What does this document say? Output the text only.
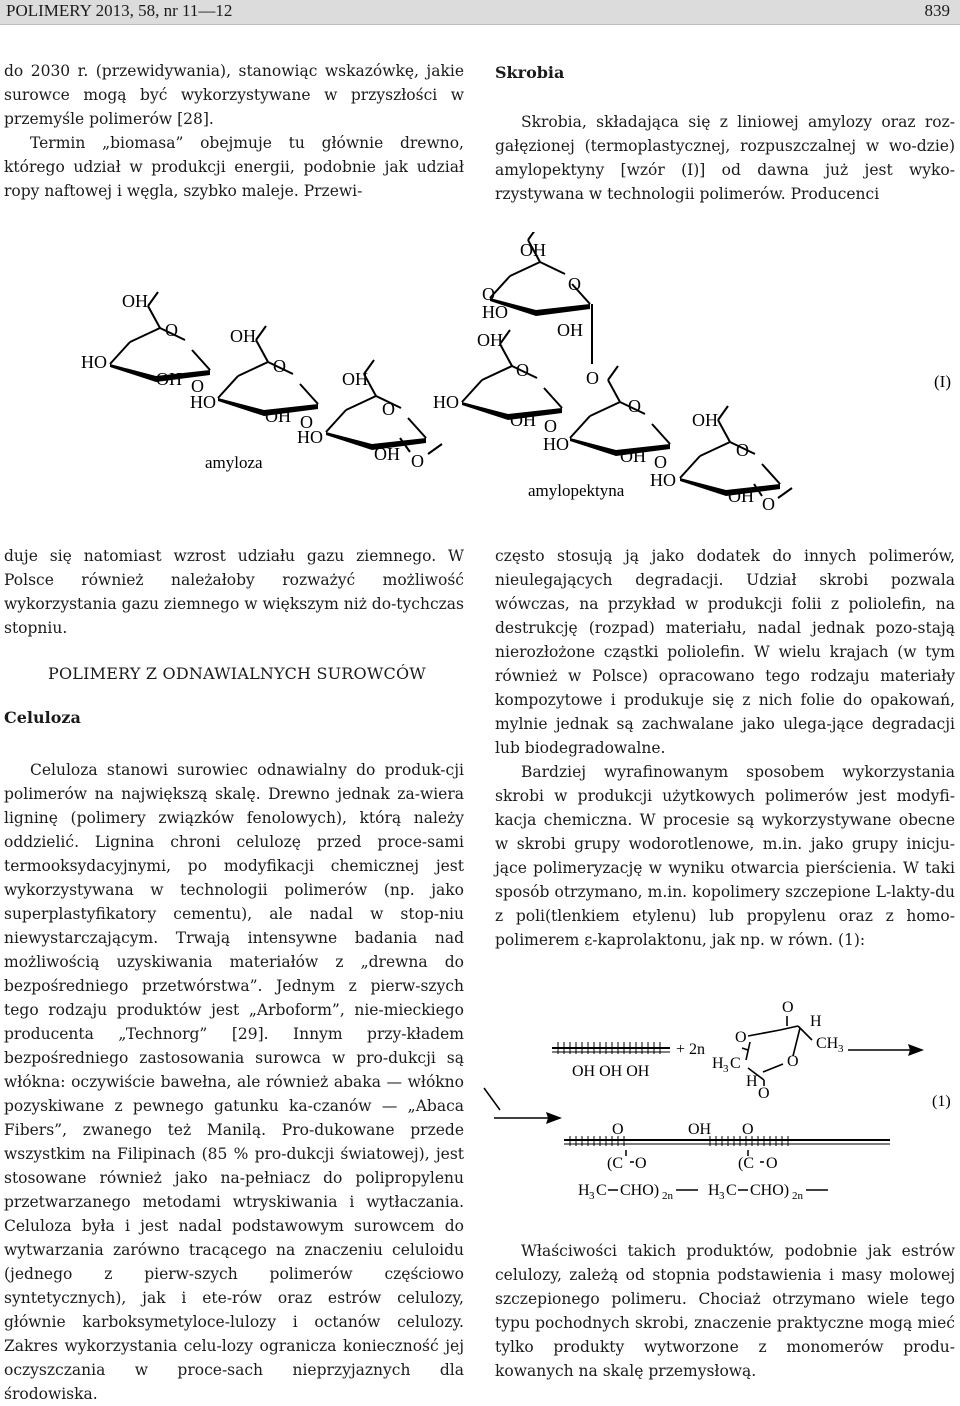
POLIMERY 2013, 58, nr 11—12	839

do 2030 r. (przewidywania), stanowiąc wskazówkę, jakie surowce mogą być wykorzystywane w przyszłości w przemyśle polimerów [28].

Termin „biomasa” obejmuje tu głównie drewno, którego udział w produkcji energii, podobnie jak udział ropy naftowej i węgla, szybko maleje. Przewi-

Skrobia

Skrobia, składająca się z liniowej amylozy oraz roz-gałęzionej (termoplastycznej, rozpuszczalnej w wo-dzie) amylopektyny [wzór (I)] od dawna już jest wyko-rzystywana w technologii polimerów. Producenci

HO
OH
O
OH O
HO
OH
O
OH O
amyloza
HO
OH
O
OH O
OH
O
HO
O
OH
O
OH
HO
O
OH O
HO
O
OH O
amylopektyna
HO
OH
O
OH O
(I)

duje się natomiast wzrost udziału gazu ziemnego. W Polsce również należałoby rozważyć możliwość wykorzystania gazu ziemnego w większym niż do-tychczas stopniu.

POLIMERY Z ODNAWIALNYCH SUROWCÓW

Celuloza

Celuloza stanowi surowiec odnawialny do produk-cji polimerów na największą skalę. Drewno jednak za-wiera ligninę (polimery związków fenolowych), którą należy oddzielić. Lignina chroni celulozę przed proce-sami termooksydacyjnymi, po modyfikacji chemicznej jest wykorzystywana w technologii polimerów (np. jako superplastyfikatory cementu), ale nadal w stop-niu niewystarczającym. Trwają intensywne badania nad możliwością uzyskiwania materiałów z „drewna do bezpośredniego przetwórstwa”. Jednym z pierw-szych tego rodzaju produktów jest „Arboform”, nie-mieckiego producenta „Technorg” [29]. Innym przy-kładem bezpośredniego zastosowania surowca w pro-dukcji są włókna: oczywiście bawełna, ale również abaka — włókno pozyskiwane z pewnego gatunku ka-czanów — „Abaca Fibers”, zwanego też Manilą. Pro-dukowane przede wszystkim na Filipinach (85 % pro-dukcji światowej), jest stosowane również jako na-pełniacz do polipropylenu przetwarzanego metodami wtryskiwania i wytłaczania. Celuloza była i jest nadal podstawowym surowcem do wytwarzania zarówno tracącego na znaczeniu celuloidu (jednego z pierw-szych polimerów częściowo syntetycznych), jak i ete-rów oraz estrów celulozy, głównie karboksymetyloce-lulozy i octanów celulozy. Zakres wykorzystania celu-lozy ogranicza konieczność jej oczyszczania w proce-sach nieprzyjaznych dla środowiska.

często stosują ją jako dodatek do innych polimerów, nieulegających degradacji. Udział skrobi pozwala wówczas, na przykład w produkcji folii z poliolefin, na destrukcję (rozpad) materiału, nadal jednak pozo-stają nierozłożone cząstki poliolefin. W wielu krajach (w tym również w Polsce) opracowano tego rodzaju materiały kompozytowe i produkuje się z nich folie do opakowań, mylnie jednak są zachwalane jako ulega-jące degradacji lub biodegradowalne.

Bardziej wyrafinowanym sposobem wykorzystania skrobi w produkcji użytkowych polimerów jest modyfi-kacja chemiczna. W procesie są wykorzystywane obecne w skrobi grupy wodorotlenowe, m.in. jako grupy inicju-jące polimeryzację w wyniku otwarcia pierścienia. W taki sposób otrzymano, m.in. kopolimery szczepione L-lakty-du z poli(tlenkiem etylenu) lub propylenu oraz z homo-polimerem ε-kaprolaktonu, jak np. w równ. (1):

OH OH OH
+ 2n
O
O
H
CH 3
O
H 3 C
H
O	(1)
O
(C O
H 3 C CHO) 2n
OH O
(C O
H 3 C CHO) 2n

Właściwości takich produktów, podobnie jak estrów celulozy, zależą od stopnia podstawienia i masy molowej szczepionego polimeru. Chociaż otrzymano wiele tego typu pochodnych skrobi, znaczenie praktyczne mogą mieć tylko produkty wytworzone z monomerów produ-kowanych na skalę przemysłową.
